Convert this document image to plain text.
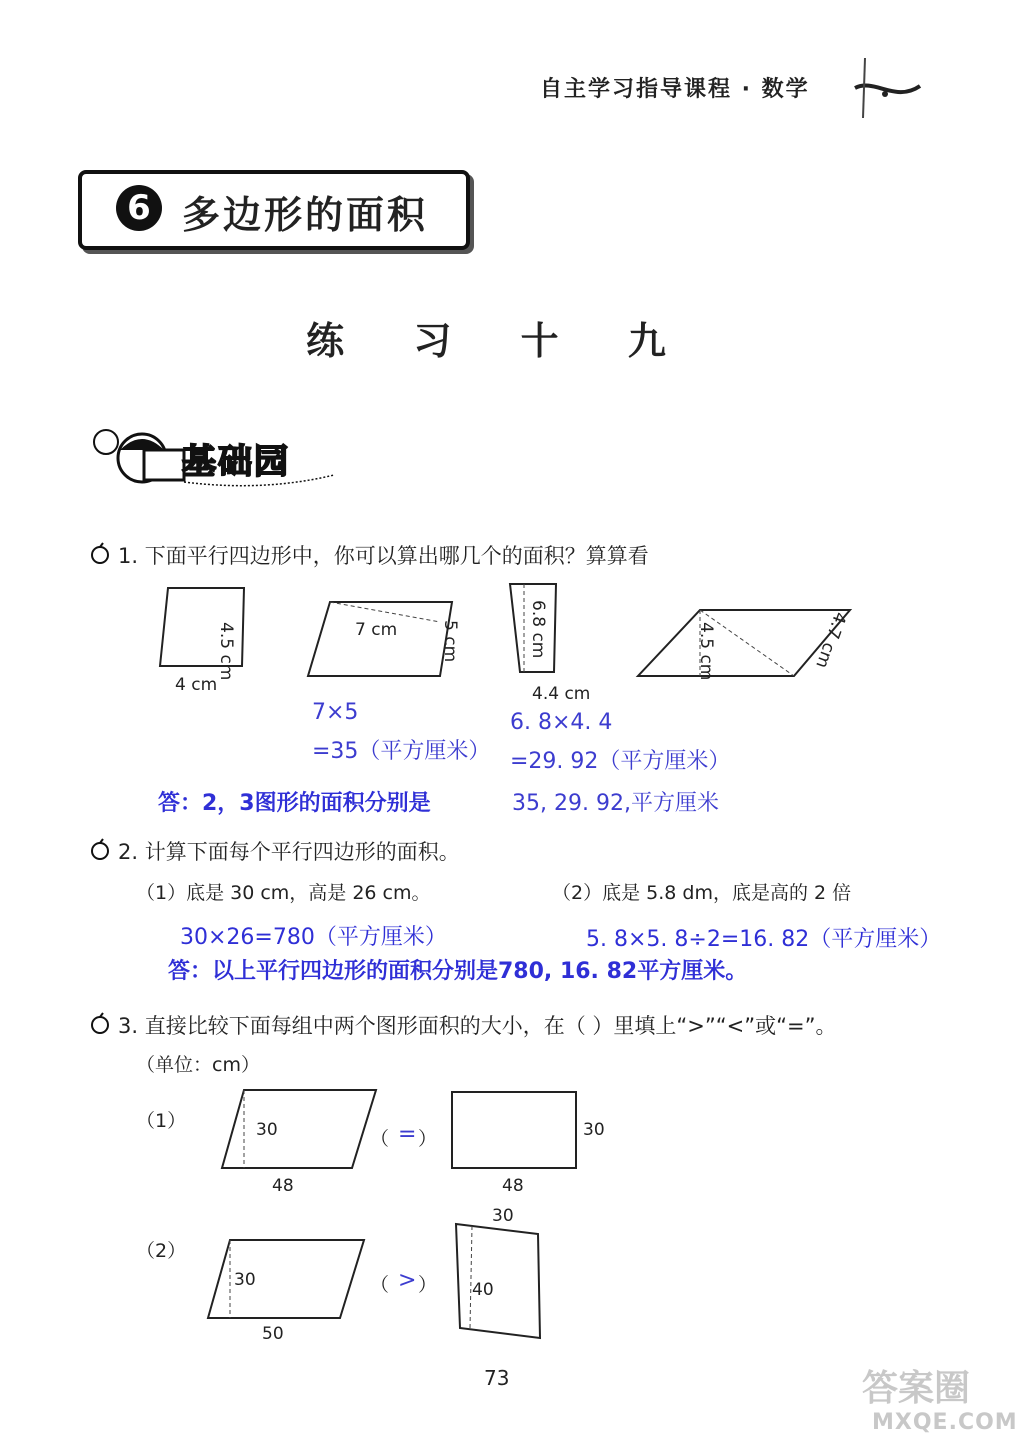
自主学习指导课程 · 数学
6 多边形的面积
练 习 十 九
基础园
1. 下面平行四边形中，你可以算出哪几个的面积？算算看
4 cm
4.5 cm	7 cm	5 cm	6.8 cm
4.4 cm
4.5 cm	4.7 cm
7×5
=35（平方厘米）
6. 8×4. 4
=29. 92（平方厘米）
答：2，3图形的面积分别是	35, 29. 92,平方厘米
2. 计算下面每个平行四边形的面积。
（1）底是 30 cm，高是 26 cm。	（2）底是 5.8 dm，底是高的 2 倍
30×26=780（平方厘米）	5. 8×5. 8÷2=16. 82（平方厘米）
答：以上平行四边形的面积分别是780, 16. 82平方厘米。
3. 直接比较下面每组中两个图形面积的大小，在（ ）里填上“>”“<”或“=”。
（单位：cm）
（1）	30
48
（ = ）	30
48
（2）
30
50
（ > ）
30
40
73	答案圈
MXQE.COM
